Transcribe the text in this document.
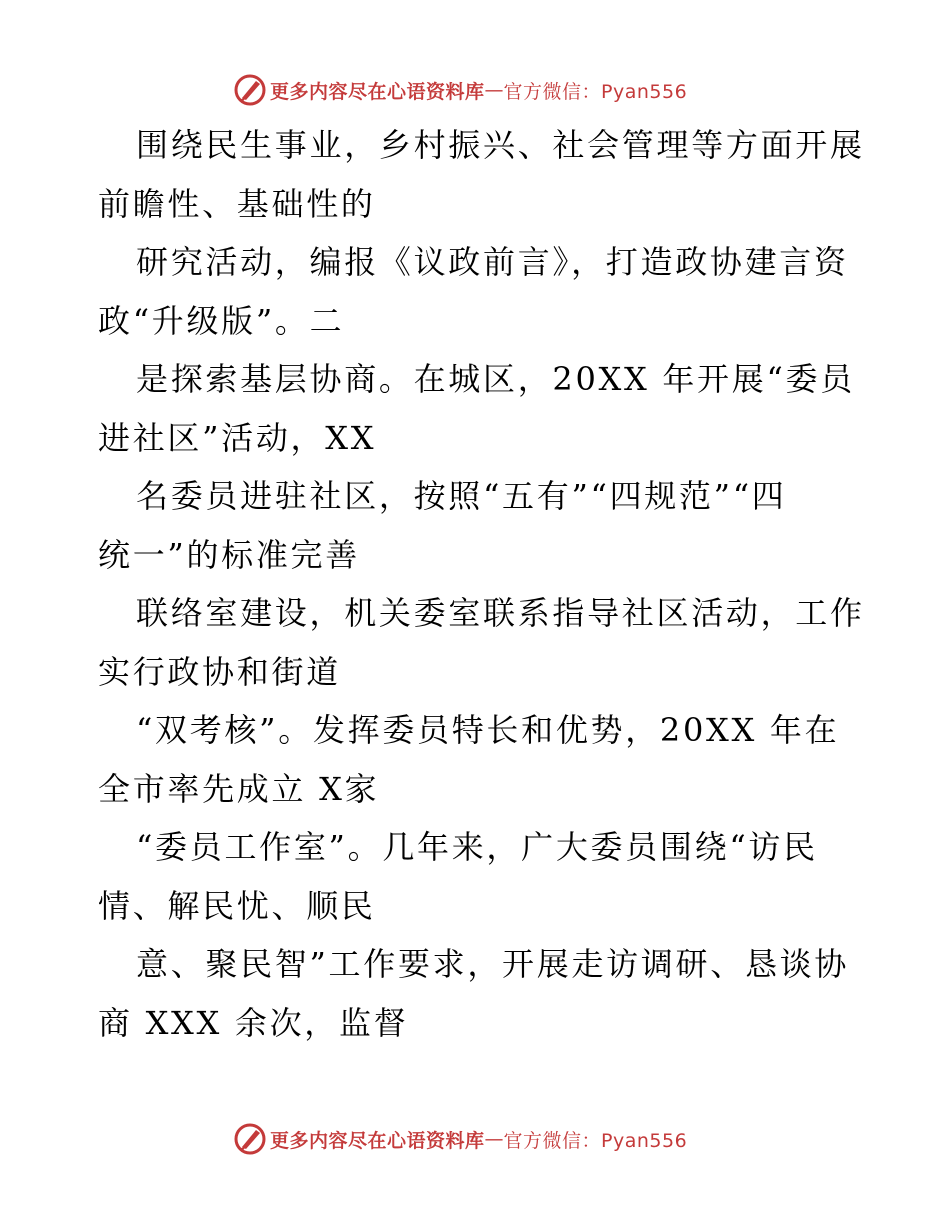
更多内容尽在心语资料库 — 官方微信：Pyan556
围绕民生事业，乡村振兴、社会管理等方面开展
前瞻性、基础性的
研究活动，编报《议政前言》，打造政协建言资
政“升级版”。二
是探索基层协商。在城区，20XX 年开展“委员
进社区”活动，XX
名委员进驻社区，按照“五有”“四规范”“四
统一”的标准完善
联络室建设，机关委室联系指导社区活动，工作
实行政协和街道
“双考核”。发挥委员特长和优势，20XX 年在
全市率先成立 X家
“委员工作室”。几年来，广大委员围绕“访民
情、解民忧、顺民
意、聚民智”工作要求，开展走访调研、恳谈协
商 XXX 余次，监督
更多内容尽在心语资料库 — 官方微信：Pyan556
